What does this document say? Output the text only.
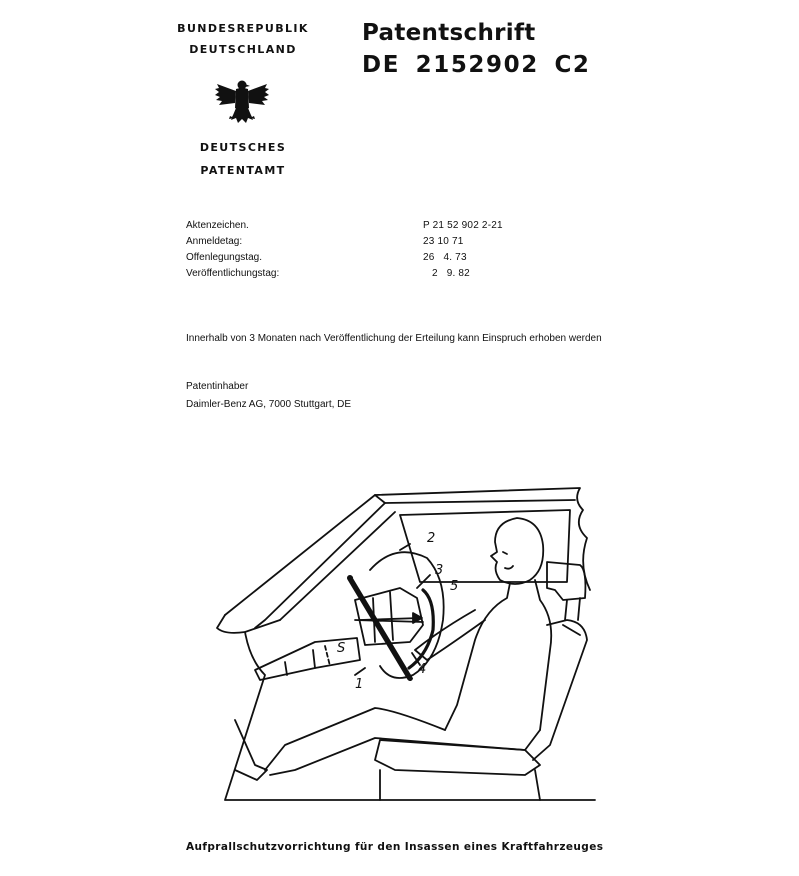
BUNDESREPUBLIK
DEUTSCHLAND
DEUTSCHES
PATENTAMT
Patentschrift
DE 2152902 C2
Aktenzeichen.
Anmeldetag:
Offenlegungstag.
Veröffentlichungstag:
P 21 52 902 2-21
23 10 71
26   4. 73
2   9. 82
Innerhalb von 3 Monaten nach Veröffentlichung der Erteilung kann Einspruch erhoben werden
Patentinhaber
Daimler-Benz AG, 7000 Stuttgart, DE
2
3
5
S
4
1
Aufprallschutzvorrichtung für den Insassen eines Kraftfahrzeuges
